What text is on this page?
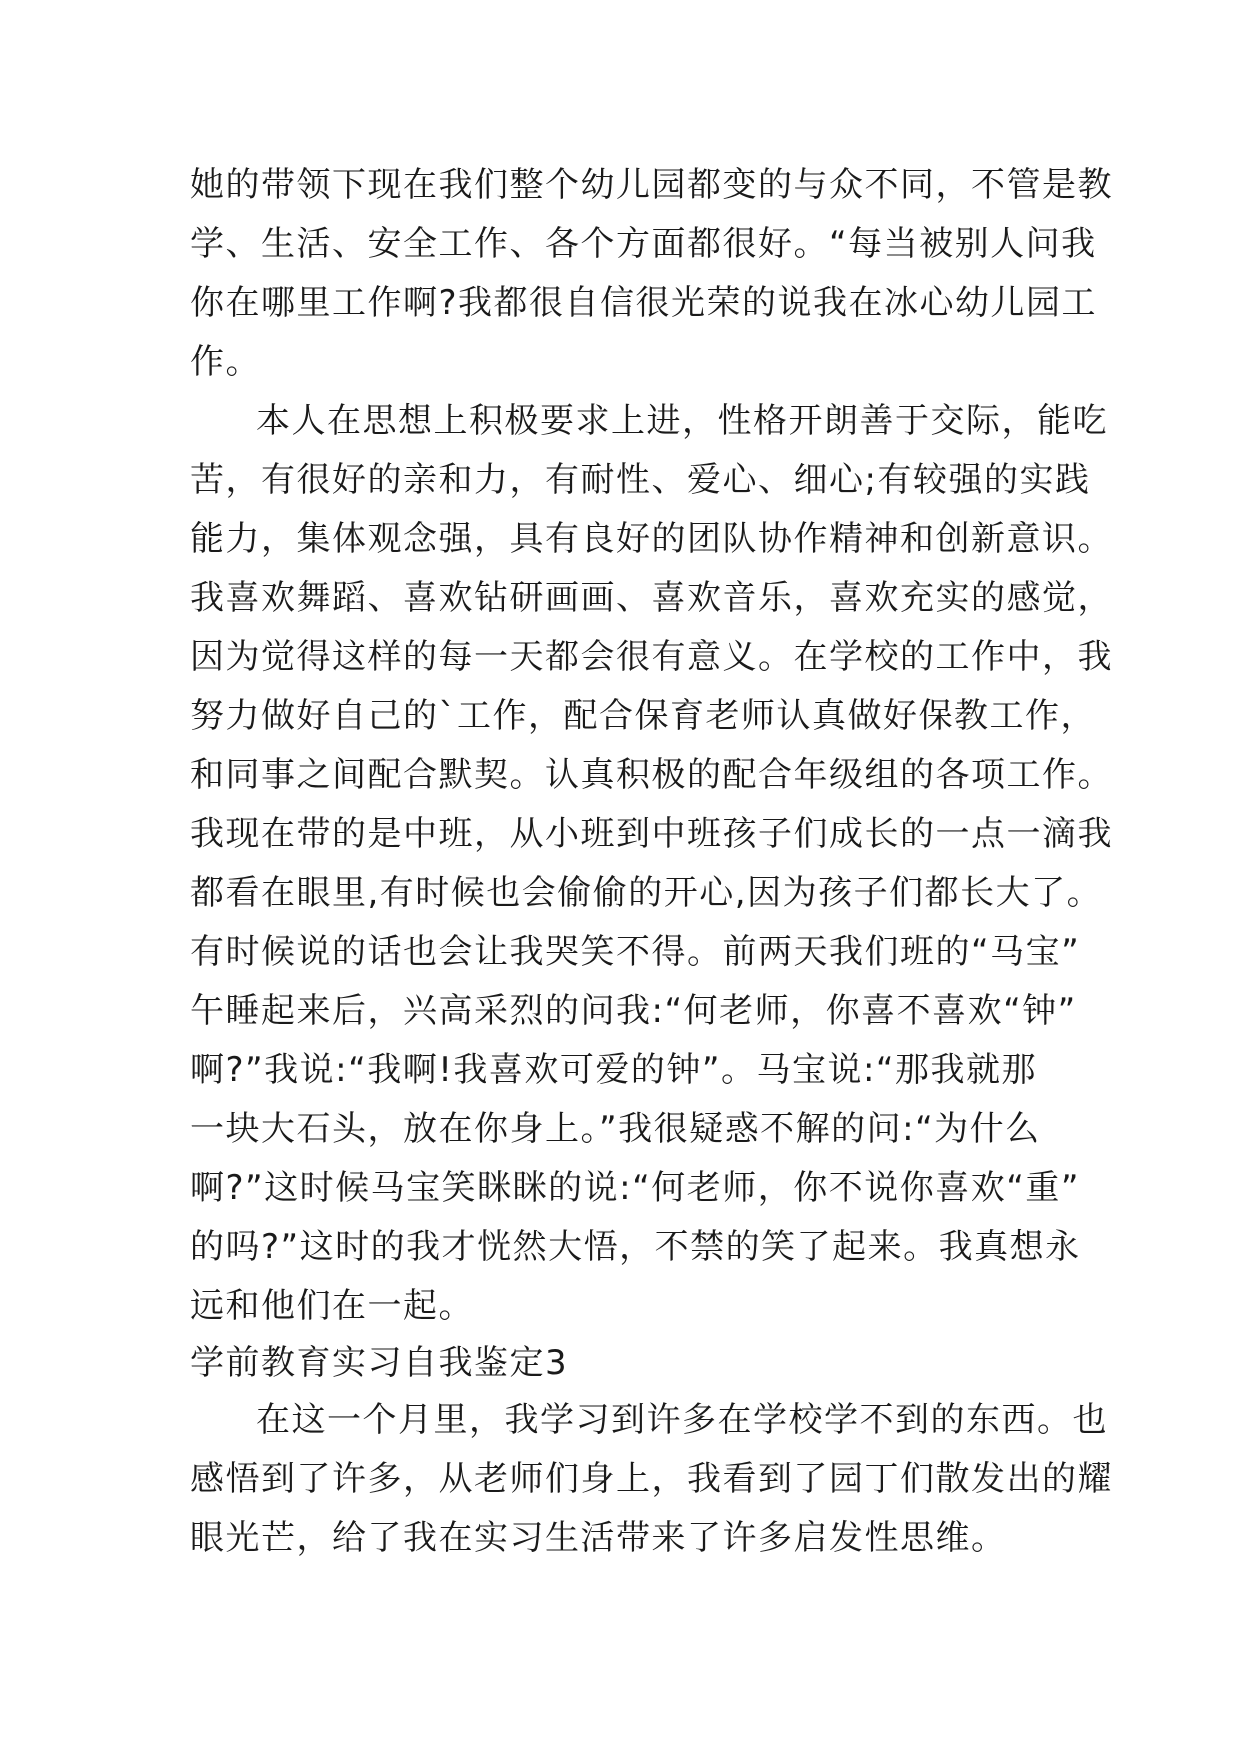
她的带领下现在我们整个幼儿园都变的与众不同，不管是教
学、生活、安全工作、各个方面都很好。“每当被别人问我
你在哪里工作啊?我都很自信很光荣的说我在冰心幼儿园工
作。
本人在思想上积极要求上进，性格开朗善于交际，能吃
苦，有很好的亲和力，有耐性、爱心、细心;有较强的实践
能力，集体观念强，具有良好的团队协作精神和创新意识。
我喜欢舞蹈、喜欢钻研画画、喜欢音乐，喜欢充实的感觉，
因为觉得这样的每一天都会很有意义。在学校的工作中，我
努力做好自己的`工作，配合保育老师认真做好保教工作，
和同事之间配合默契。认真积极的配合年级组的各项工作。
我现在带的是中班，从小班到中班孩子们成长的一点一滴我
都看在眼里,有时候也会偷偷的开心,因为孩子们都长大了。
有时候说的话也会让我哭笑不得。前两天我们班的“马宝”
午睡起来后，兴高采烈的问我:“何老师，你喜不喜欢“钟”
啊?”我说:“我啊!我喜欢可爱的钟”。马宝说:“那我就那
一块大石头，放在你身上。”我很疑惑不解的问:“为什么
啊?”这时候马宝笑眯眯的说:“何老师，你不说你喜欢“重”
的吗?”这时的我才恍然大悟，不禁的笑了起来。我真想永
远和他们在一起。
学前教育实习自我鉴定3
在这一个月里，我学习到许多在学校学不到的东西。也
感悟到了许多，从老师们身上，我看到了园丁们散发出的耀
眼光芒，给了我在实习生活带来了许多启发性思维。
